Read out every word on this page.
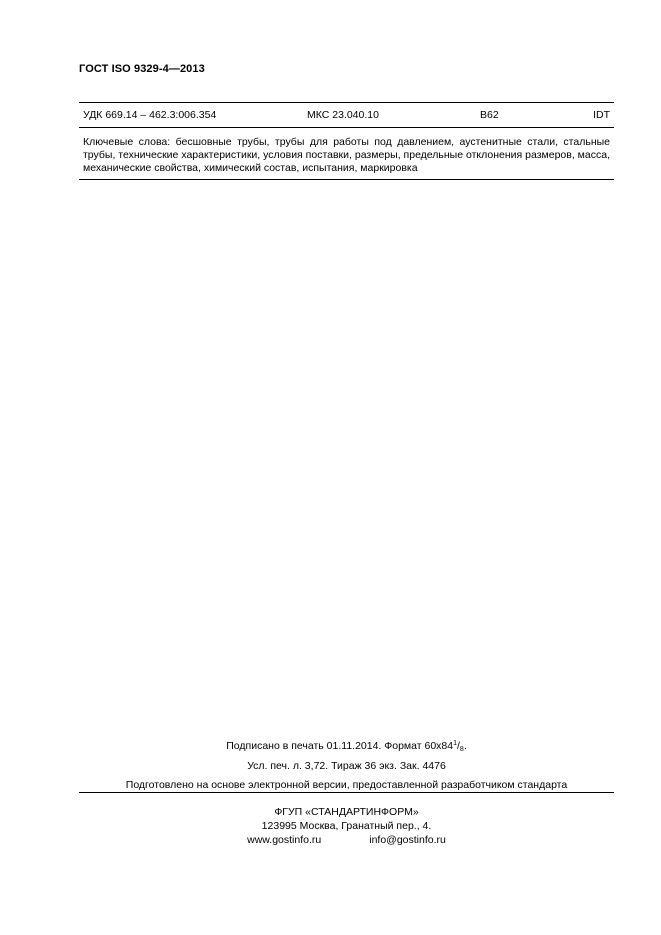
ГОСТ ISO 9329-4—2013
УДК 669.14 – 462.3:006.354	МКС 23.040.10	В62	IDT
Ключевые слова: бесшовные трубы, трубы для работы под давлением, аустенитные стали, стальные трубы, технические характеристики, условия поставки, размеры, предельные отклонения размеров, масса, механические свойства, химический состав, испытания, маркировка
Подписано в печать 01.11.2014. Формат $60x84^1/_8$.
Усл. печ. л. 3,72. Тираж 36 экз. Зак. 4476
Подготовлено на основе электронной версии, предоставленной разработчиком стандарта
ФГУП «СТАНДАРТИНФОРМ»
123995 Москва, Гранатный пер., 4.
www.gostinfo.ru	info@gostinfo.ru
